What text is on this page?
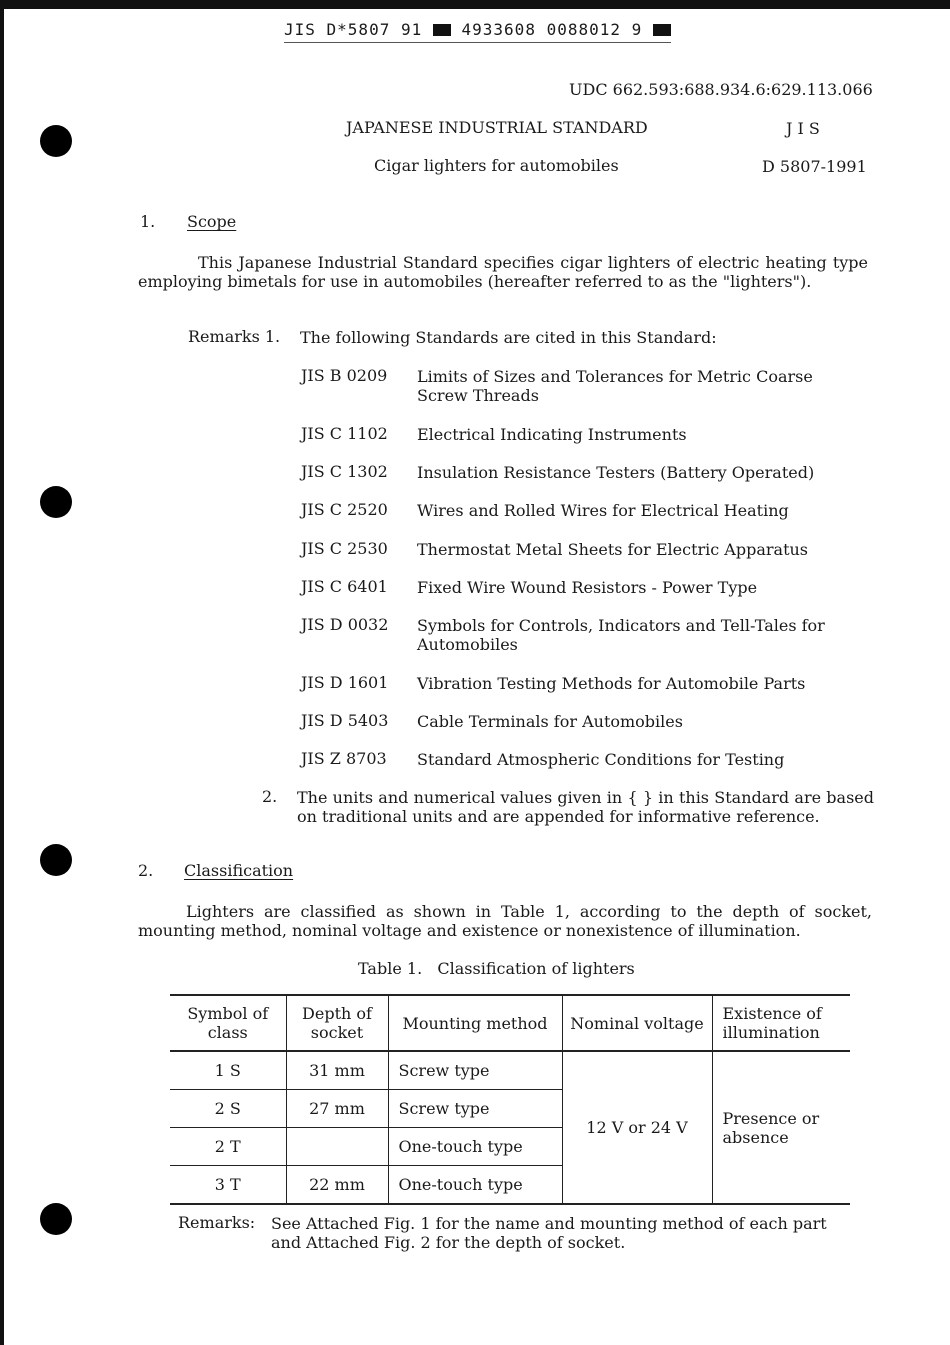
JIS D*5807 91 4933608 0088012 9
UDC 662.593:688.934.6:629.113.066
JAPANESE INDUSTRIAL STANDARD	J I S
Cigar lighters for automobiles	D 5807-1991
1. Scope
This Japanese Industrial Standard specifies cigar lighters of electric heating type employing bimetals for use in automobiles (hereafter referred to as the "lighters").
Remarks 1. The following Standards are cited in this Standard:
JIS B 0209 Limits of Sizes and Tolerances for Metric Coarse Screw Threads
JIS C 1102 Electrical Indicating Instruments
JIS C 1302 Insulation Resistance Testers (Battery Operated)
JIS C 2520 Wires and Rolled Wires for Electrical Heating
JIS C 2530 Thermostat Metal Sheets for Electric Apparatus
JIS C 6401 Fixed Wire Wound Resistors - Power Type
JIS D 0032 Symbols for Controls, Indicators and Tell-Tales for Automobiles
JIS D 1601 Vibration Testing Methods for Automobile Parts
JIS D 5403 Cable Terminals for Automobiles
JIS Z 8703 Standard Atmospheric Conditions for Testing
2. The units and numerical values given in { } in this Standard are based on traditional units and are appended for informative reference.
2. Classification
Lighters are classified as shown in Table 1, according to the depth of socket, mounting method, nominal voltage and existence or nonexistence of illumination.
Table 1.   Classification of lighters
Symbol of class	Depth of socket	Mounting method	Nominal voltage	Existence of illumination
1 S	31 mm	Screw type	12 V or 24 V	Presence or absence
2 S	27 mm	Screw type		
2 T		One-touch type		
3 T	22 mm	One-touch type		
Remarks: See Attached Fig. 1 for the name and mounting method of each part and Attached Fig. 2 for the depth of socket.
